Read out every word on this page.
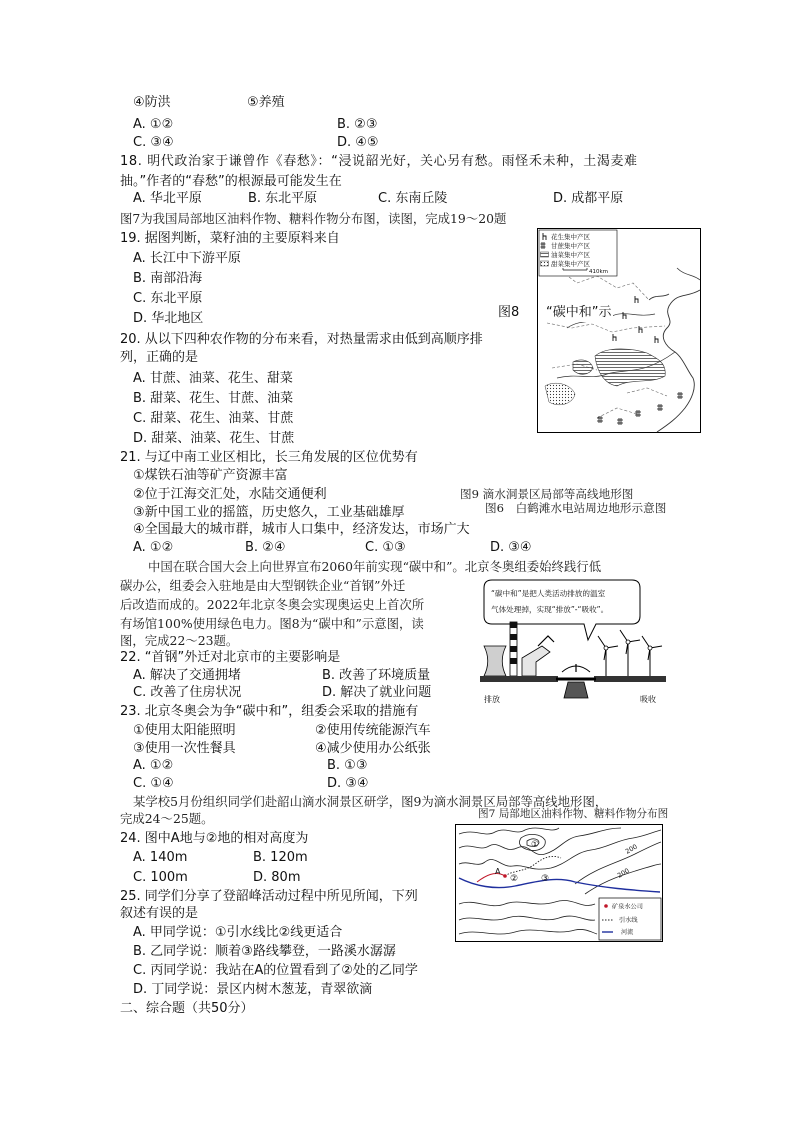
④防洪	⑤养殖
A. ①②	B. ②③
C. ③④	D. ④⑤
18. 明代政治家于谦曾作《春愁》：“浸说韶光好，关心另有愁。雨怪禾未种，土渴麦难
抽。”作者的“春愁”的根源最可能发生在
A. 华北平原	B. 东北平原	C. 东南丘陵	D. 成都平原
图7为我国局部地区油料作物、糖料作物分布图，读图，完成19～20题
19. 据图判断，菜籽油的主要原料来自
A. 长江中下游平原
B. 南部沿海
C. 东北平原
D. 华北地区	图8
20. 从以下四种农作物的分布来看，对热量需求由低到高顺序排
列，正确的是
A. 甘蔗、油菜、花生、甜菜
B. 甜菜、花生、甘蔗、油菜
C. 甜菜、花生、油菜、甘蔗
D. 甜菜、油菜、花生、甘蔗
花生集中产区
甘蔗集中产区
油菜集中产区
甜菜集中产区
410km
“碳中和”示
21. 与辽中南工业区相比，长三角发展的区位优势有
①煤铁石油等矿产资源丰富
②位于江海交汇处，水陆交通便利
③新中国工业的摇篮，历史悠久，工业基础雄厚
④全国最大的城市群，城市人口集中，经济发达，市场广大
图9 滴水洞景区局部等高线地形图
图6　白鹤滩水电站周边地形示意图
A. ①②	B. ②④	C. ①③	D. ③④
中国在联合国大会上向世界宣布2060年前实现“碳中和”。北京冬奥组委始终践行低
碳办公，组委会入驻地是由大型钢铁企业“首钢”外迁
后改造而成的。2022年北京冬奥会实现奥运史上首次所
有场馆100%使用绿色电力。图8为“碳中和”示意图，读
图，完成22～23题。
“碳中和”是把人类活动排放的温室
气体处理掉，实现“排放”-“吸收”。
排放	吸收
22. “首钢”外迁对北京市的主要影响是
A. 解决了交通拥堵	B. 改善了环境质量
C. 改善了住房状况	D. 解决了就业问题
23. 北京冬奥会为争“碳中和”，组委会采取的措施有
①使用太阳能照明	②使用传统能源汽车
③使用一次性餐具	④减少使用办公纸张
A. ①②	B. ①③
C. ①④	D. ③④
某学校5月份组织同学们赴韶山滴水洞景区研学，图9为滴水洞景区局部等高线地形图，
图7 局部地区油料作物、糖料作物分布图
完成24～25题。
24. 图中A地与②地的相对高度为
A. 140m	B. 120m
C. 100m	D. 80m
①
②	③
A
200
200
矿泉水公司
引水线
河流
25. 同学们分享了登韶峰活动过程中所见所闻，下列
叙述有误的是
A. 甲同学说：①引水线比②线更适合
B. 乙同学说：顺着③路线攀登，一路溪水潺潺
C. 丙同学说：我站在A的位置看到了②处的乙同学
D. 丁同学说：景区内树木葱茏，青翠欲滴
二、综合题（共50分）
